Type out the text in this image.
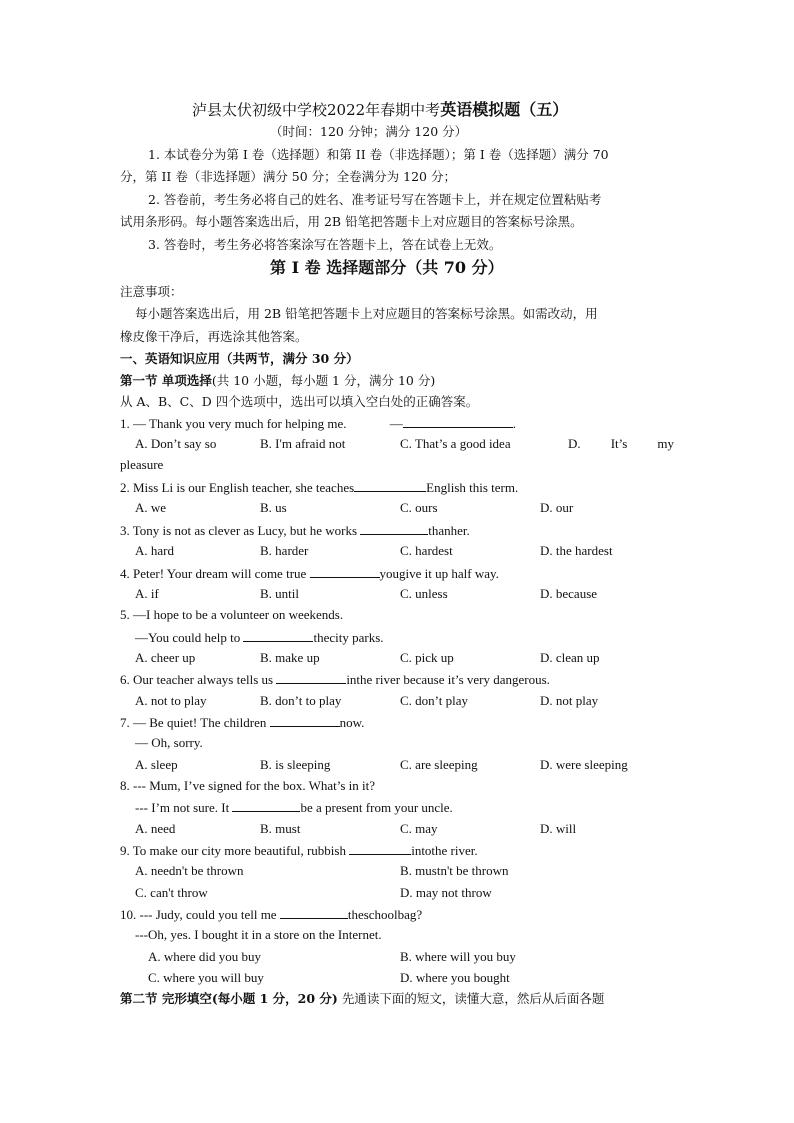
泸县太伏初级中学校2022年春期中考英语模拟题（五）
（时间：120 分钟；满分 120 分）
1. 本试卷分为第 I 卷（选择题）和第 II 卷（非选择题）；第 I 卷（选择题）满分 70
分，第 II 卷（非选择题）满分 50 分；全卷满分为 120 分；
2. 答卷前，考生务必将自己的姓名、准考证号写在答题卡上，并在规定位置粘贴考
试用条形码。每小题答案选出后，用 2B 铅笔把答题卡上对应题目的答案标号涂黑。
3. 答卷时，考生务必将答案涂写在答题卡上，答在试卷上无效。
第 I 卷 选择题部分（共 70 分）
注意事项：
每小题答案选出后，用 2B 铅笔把答题卡上对应题目的答案标号涂黑。如需改动，用
橡皮像干净后，再选涂其他答案。
一、英语知识应用（共两节，满分 30 分）
第一节 单项选择(共 10 小题，每小题 1 分，满分 10 分)
从 A、B、C、D 四个选项中，选出可以填入空白处的正确答案。
1. — Thank you very much for helping me.	—	.
A. Don’t say so	B. I'm afraid not	C. That’s a good idea	D. It’s my
pleasure
2. Miss Li is our English teacher, she teaches	English this term.
A. we	B. us	C. ours	D. our
3. Tony is not as clever as Lucy, but he works	thanher.
A. hard	B. harder	C. hardest	D. the hardest
4. Peter! Your dream will come true	yougive it up half way.
A. if	B. until	C. unless	D. because
5. —I hope to be a volunteer on weekends.
—You could help to	thecity parks.
A. cheer up	B. make up	C. pick up	D. clean up
6. Our teacher always tells us	inthe river because it’s very dangerous.
A. not to play	B. don’t to play	C. don’t play	D. not play
7. — Be quiet! The children	now.
— Oh, sorry.
A. sleep	B. is sleeping	C. are sleeping	D. were sleeping
8. --- Mum, I’ve signed for the box. What’s in it?
--- I’m not sure. It	be a present from your uncle.
A. need	B. must	C. may	D. will
9. To make our city more beautiful, rubbish	intothe river.
A. needn't be thrown	B. mustn't be thrown
C. can't throw	D. may not throw
10. --- Judy, could you tell me	theschoolbag?
---Oh, yes. I bought it in a store on the Internet.
A. where did you buy	B. where will you buy
C. where you will buy	D. where you bought
第二节 完形填空(每小题 1 分，20 分) 先通读下面的短文，读懂大意，然后从后面各题
